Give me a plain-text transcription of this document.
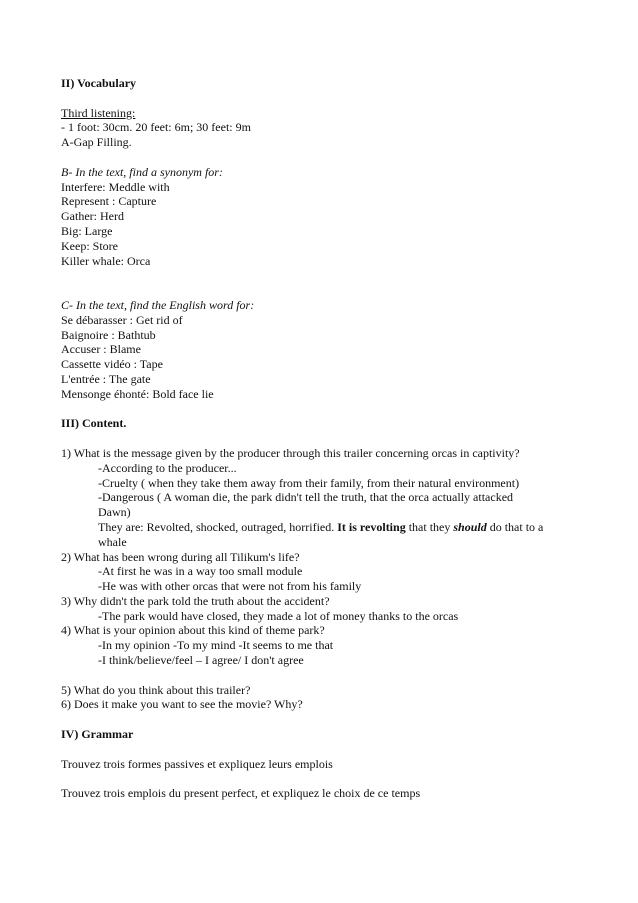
II) Vocabulary

Third listening:

- 1 foot: 30cm. 20 feet: 6m; 30 feet: 9m

A-Gap Filling.

B- In the text, find a synonym for:

Interfere: Meddle with

Represent : Capture

Gather: Herd

Big: Large

Keep: Store

Killer whale: Orca

C- In the text, find the English word for:

Se débarasser : Get rid of

Baignoire : Bathtub

Accuser : Blame

Cassette vidéo : Tape

L'entrée : The gate

Mensonge éhonté: Bold face lie

III) Content.

1) What is the message given by the producer through this trailer concerning orcas in captivity?

-According to the producer...

-Cruelty ( when they take them away from their family, from their natural environment)

-Dangerous ( A woman die, the park didn't tell the truth, that the orca actually attacked

Dawn)

They are: Revolted, shocked, outraged, horrified. It is revolting that they should do that to a

whale

2) What has been wrong during all Tilikum's life?

-At first he was in a way too small module

-He was with other orcas that were not from his family

3) Why didn't the park told the truth about the accident?

-The park would have closed, they made a lot of money thanks to the orcas

4) What is your opinion about this kind of theme park?

-In my opinion -To my mind -It seems to me that

-I think/believe/feel – I agree/ I don't agree

5) What do you think about this trailer?

6) Does it make you want to see the movie? Why?

IV) Grammar

Trouvez trois formes passives et expliquez leurs emplois

Trouvez trois emplois du present perfect, et expliquez le choix de ce temps
